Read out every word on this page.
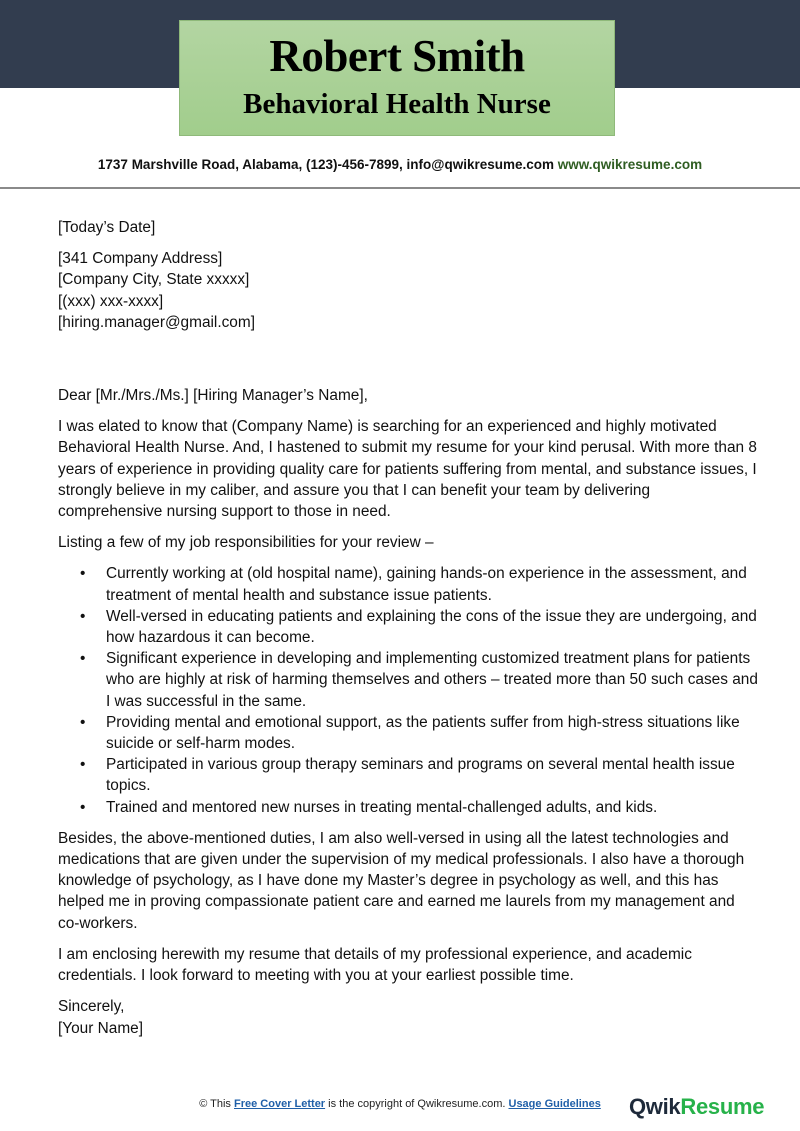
Robert Smith
Behavioral Health Nurse
1737 Marshville Road, Alabama, (123)-456-7899, info@qwikresume.com www.qwikresume.com

[Today’s Date]

[341 Company Address]
[Company City, State xxxxx]
[(xxx) xxx-xxxx]
[hiring.manager@gmail.com]

Dear [Mr./Mrs./Ms.] [Hiring Manager’s Name],

I was elated to know that (Company Name) is searching for an experienced and highly motivated Behavioral Health Nurse. And, I hastened to submit my resume for your kind perusal. With more than 8 years of experience in providing quality care for patients suffering from mental, and substance issues, I strongly believe in my caliber, and assure you that I can benefit your team by delivering comprehensive nursing support to those in need.

Listing a few of my job responsibilities for your review –

• Currently working at (old hospital name), gaining hands-on experience in the assessment, and treatment of mental health and substance issue patients.
• Well-versed in educating patients and explaining the cons of the issue they are undergoing, and how hazardous it can become.
• Significant experience in developing and implementing customized treatment plans for patients who are highly at risk of harming themselves and others – treated more than 50 such cases and I was successful in the same.
• Providing mental and emotional support, as the patients suffer from high-stress situations like suicide or self-harm modes.
• Participated in various group therapy seminars and programs on several mental health issue topics.
• Trained and mentored new nurses in treating mental-challenged adults, and kids.

Besides, the above-mentioned duties, I am also well-versed in using all the latest technologies and medications that are given under the supervision of my medical professionals. I also have a thorough knowledge of psychology, as I have done my Master’s degree in psychology as well, and this has helped me in proving compassionate patient care and earned me laurels from my management and co-workers.

I am enclosing herewith my resume that details of my professional experience, and academic credentials. I look forward to meeting with you at your earliest possible time.

Sincerely,
[Your Name]

© This Free Cover Letter is the copyright of Qwikresume.com. Usage Guidelines	QwikResume
